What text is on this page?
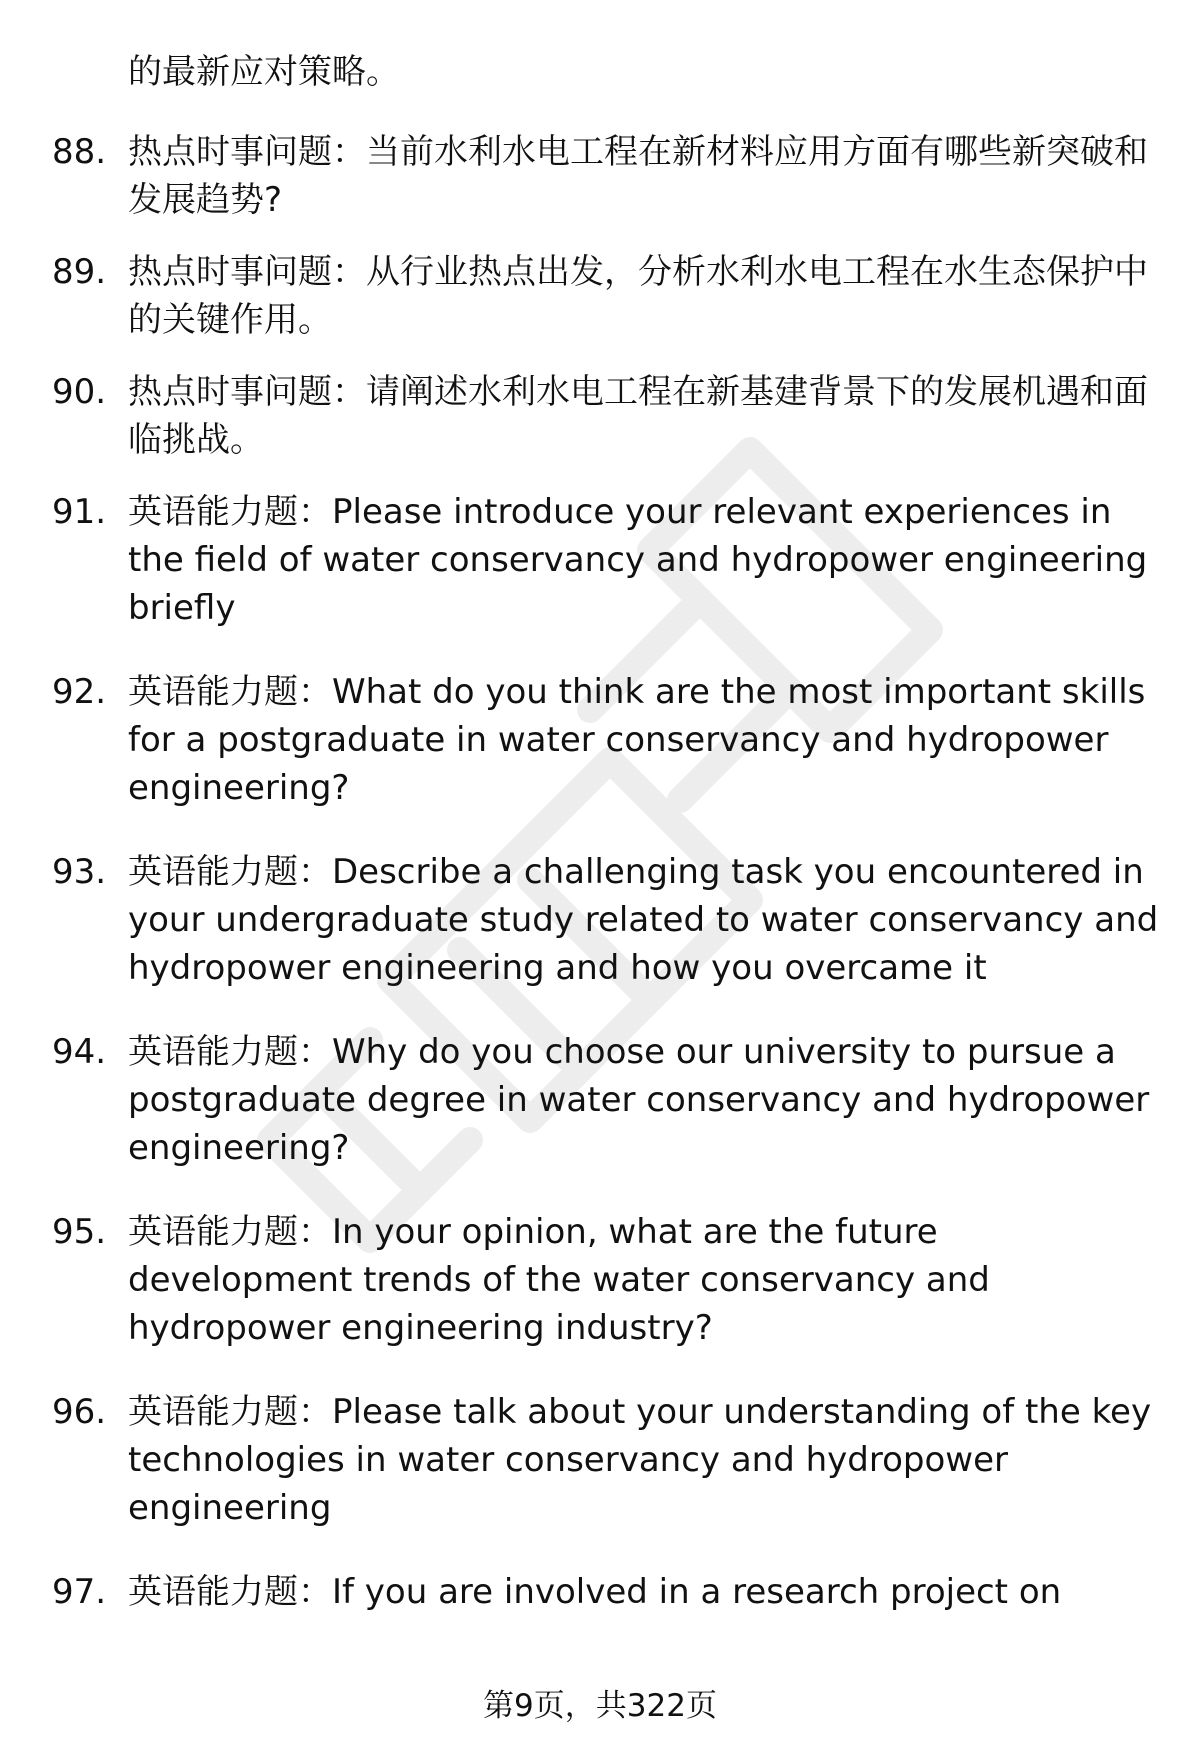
的最新应对策略。
88. 热点时事问题：当前水利水电工程在新材料应用方面有哪些新突破和发展趋势?
89. 热点时事问题：从行业热点出发，分析水利水电工程在水生态保护中的关键作用。
90. 热点时事问题：请阐述水利水电工程在新基建背景下的发展机遇和面临挑战。
91. 英语能力题：Please introduce your relevant experiences in the field of water conservancy and hydropower engineering briefly
92. 英语能力题：What do you think are the most important skills for a postgraduate in water conservancy and hydropower engineering?
93. 英语能力题：Describe a challenging task you encountered in your undergraduate study related to water conservancy and hydropower engineering and how you overcame it
94. 英语能力题：Why do you choose our university to pursue a postgraduate degree in water conservancy and hydropower engineering?
95. 英语能力题：In your opinion, what are the future development trends of the water conservancy and hydropower engineering industry?
96. 英语能力题：Please talk about your understanding of the key technologies in water conservancy and hydropower engineering
97. 英语能力题：If you are involved in a research project on
第9页，共322页
